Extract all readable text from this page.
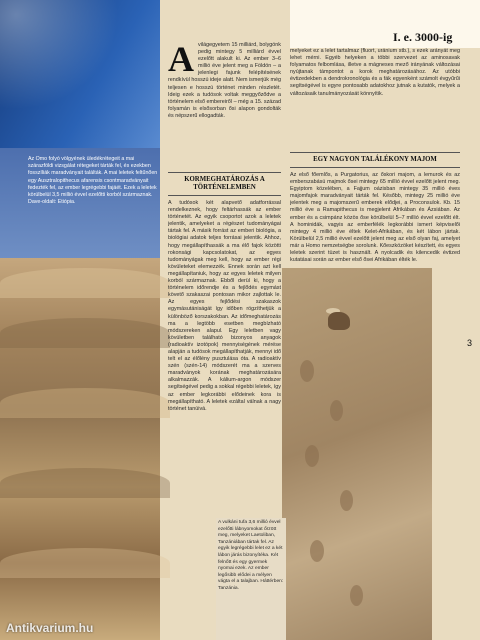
Az Omo folyó völgyének üledékrétegeit a mai szárazföldi vizsgálat rétegeket tárták fel, és ezekben fosszíliák maradványait találták. A mai leletek feltűnően egy Ausztralopithecus afarensis csontmaradványait fedezték fel, az ember legrégebbi fajáét. Ezek a leletek körülbelül 3,5 millió évvel ezelőtti korból származnak. Dave-oldalt: Etiópia.

I. e. 3000-ig

A világegyetem 15 milliárd, bolygónk pedig mintegy 5 milliárd évvel ezelőtt alakult ki. Az ember 3–6 millió éve jelent meg a Földön – a jelenlegi fajunk felépítésének rendkívül hosszú ideje alatt. Nem ismerjük még teljesen e hosszú történet minden részletét. Ideig ezek a tudósok voltak meggyőződve a történelem első embereiről – még a 15. század folyamán is elsősorban ősi alapon gondolták és népszerű ellogadták.

KORMEGHATÁROZÁS A TÖRTÉNELEMBEN

A tudósok két alapvető adatforrással rendelkeznek, hogy feltárhassák az ember történetét. Az egyik csoportot azok a leletek jelentik, amelyeket a régészet tudományágai tártak fel. A másik forrást az emberi biológia, a biológiai adatok teljes forrásai jelentik. Ahhoz, hogy megállapíthassák a ma élő fajok közötti rokonsági kapcsolatokat, az egyes tudományágak meg kell, hogy az ember régi kövületeket elemezzék. Ennek során azt kell megállapítaniuk, hogy az egyes leletek milyen korból származnak. Ebből derül ki, hogy a történelem időrendje és a fejlődés egymást követő szakaszai pontosan mikor zajlottak le. Az egyes fejlődési szakaszok egymásutániságát így időben rögzíthetjük a különböző korszakokban. Az időmeghatározás ma a legtöbb esetben megbízható módszereken alapul. Egy leletben vagy kövületben található bizonyos anyagok (radioaktív izotópok) mennyiségének mérése alapján a tudósok megállapíthatják, mennyi idő telt el az élőlény pusztulása óta. A radioaktív szén (szén-14) módszerét ma a szerves maradványok korának meghatározására alkalmazzák. A kálium-argon módszer segítségével pedig a sokkal régebbi leletek, így az ember legkorábbi elődeinek kora is megállapítható. A leletek ezáltal válnak a nagy történet tanúivá.

melyeket ez a lelet tartalmaz (fluort, uránium stb.), s ezek arányát meg lehet mérni. Egyéb helyeken a többi szervezet az aminosavak folyamatos felbomlása, illetve a mágneses mező irányának változásai nyújtanak támpontot a korok meghatározásához. Az utóbbi évtizedekben a dendrokronológia és a fák egyenként számolt évgyűrűi segítségével is egyre pontosabb adatokhoz jutnak a kutatók, melyek a változásaik tanulmányozását könnyítik.

EGY NAGYON TALÁLÉKONY MAJOM

Az első főemlős, a Purgatorius, az őskori majom, a lemurok és az emberszabású majmok ősei mintegy 65 millió évvel ezelőtt jelent meg. Egyiptom közelében, a Fajjum oázisban mintegy 35 millió éves majomfajok maradványait tárták fel. Később, mintegy 25 millió éve jelentek meg a majomszerű emberek elődjei, a Proconsulok. Kb. 15 millió éve a Ramapithecus is megjelent Afrikában és Ázsiában. Az ember és a csimpánz közös őse körülbelül 5–7 millió évvel ezelőtt élt. A hominidák, vagyis az emberfélék legkorábbi ismert képviselői mintegy 4 millió éve éltek Kelet-Afrikában, és két lábon jártak. Körülbelül 2,5 millió évvel ezelőtt jelent meg az első olyan faj, amelyet már a Homo nemzetségbe sorolunk. Kőeszközöket készített, és egyes leletek szerint tüzet is használt. A nyolcadik és kilencedik évtized kutatásai során az ember első ősei Afrikában élték le.

A vulkáni tufa 3,6 millió évvel ezelőtti lábnyomokat őrzött meg, melyeket Laetoliban, Tanzániában tártak fel. Az egyik legrégebbi lelet ez a két lábon járás bizonyítéka. Két felnőtt és egy gyermek nyomai ezek. Az ember legősibb elődei a mélyen vágta el a talajban. Háttérben: Tanzánia.

3

Antikvarium.hu
